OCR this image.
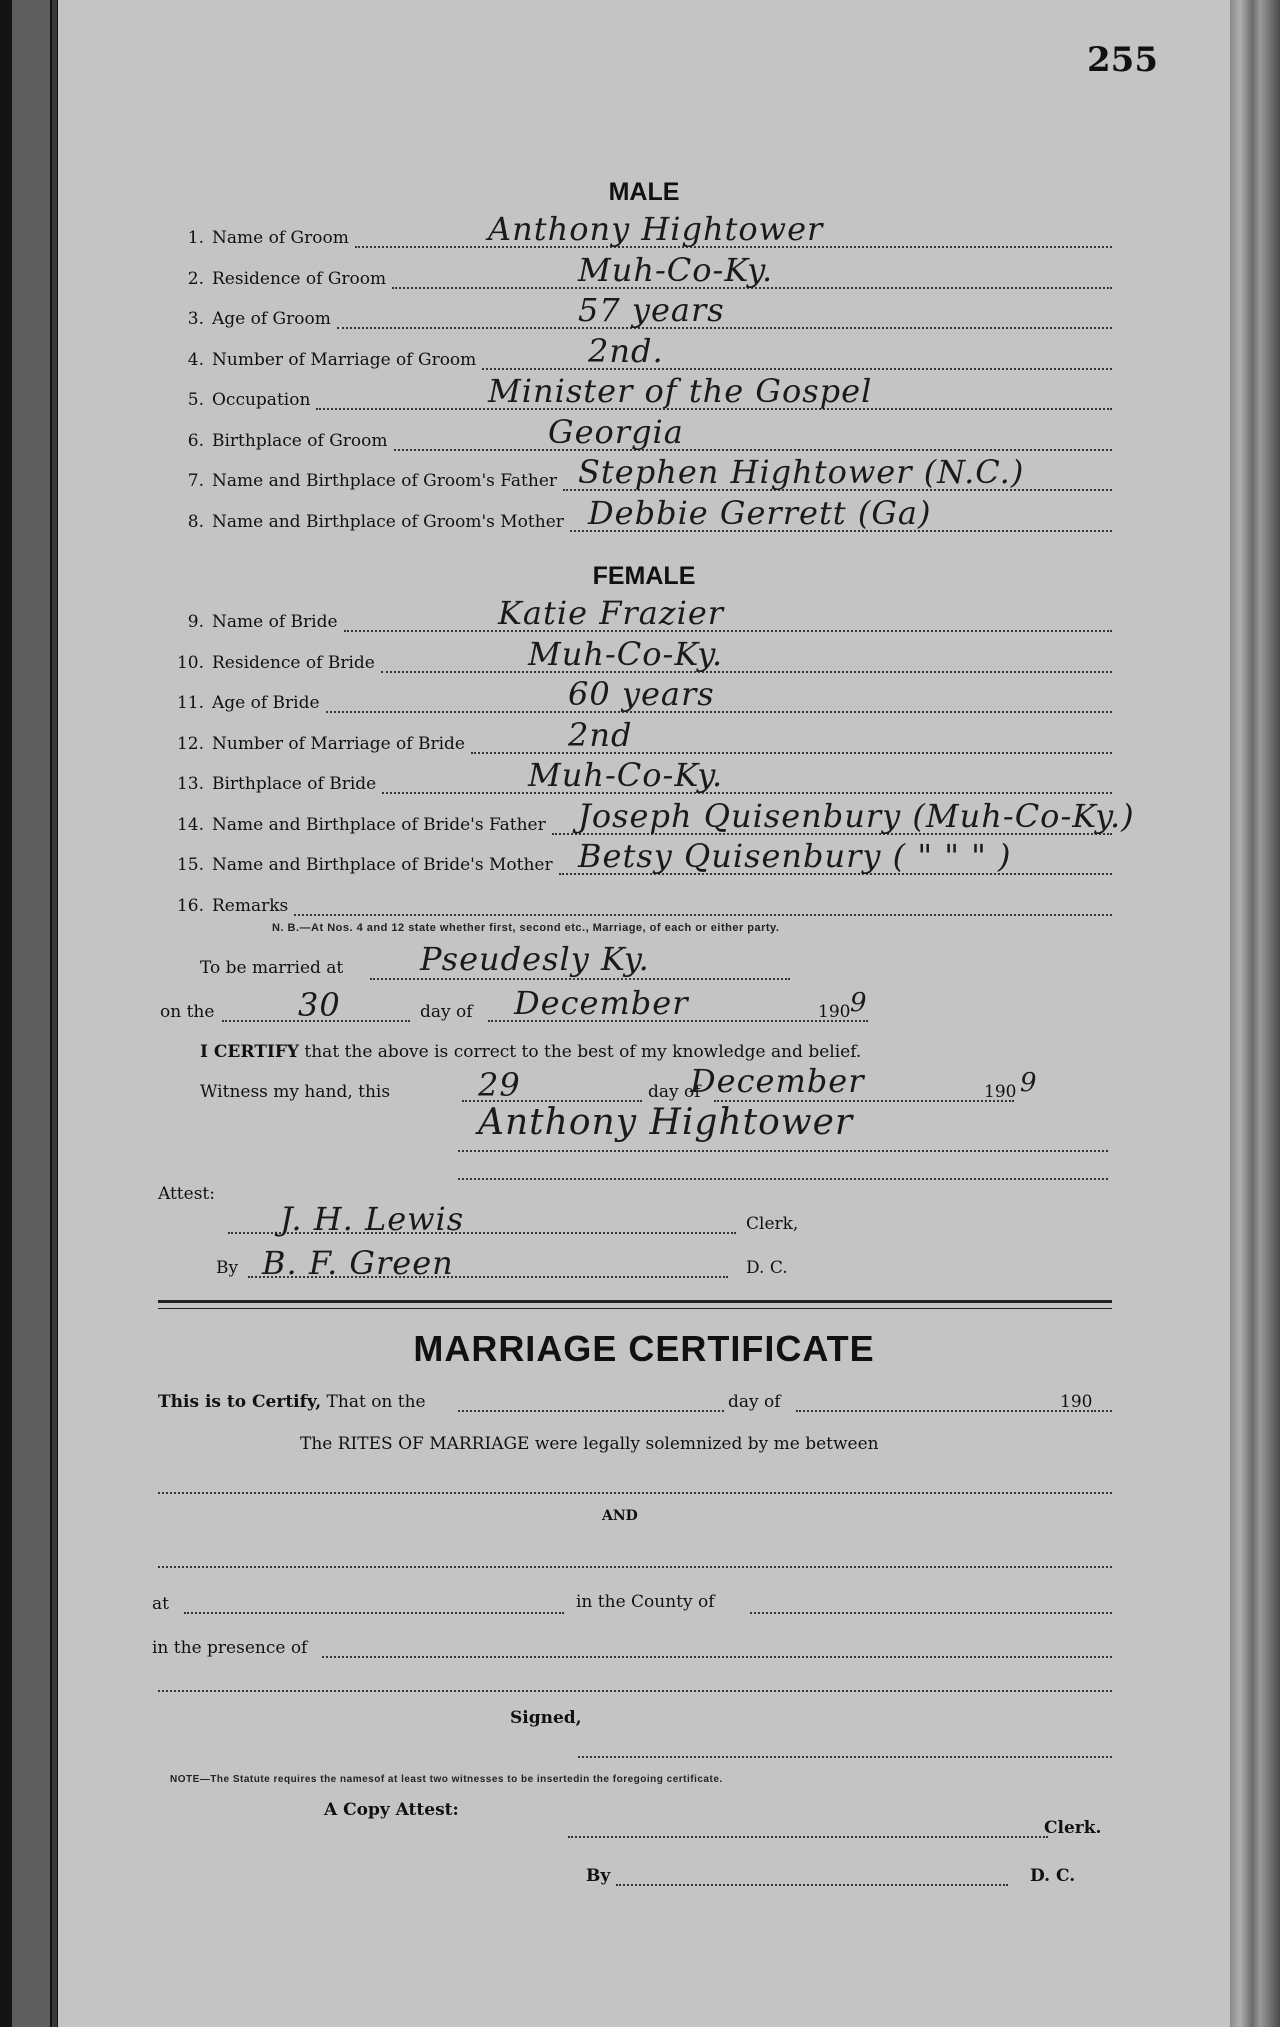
255
MALE
1. Name of Groom	Anthony Hightower
2. Residence of Groom	Muh-Co-Ky.
3. Age of Groom	57 years
4. Number of Marriage of Groom	2nd.
5. Occupation	Minister of the Gospel
6. Birthplace of Groom	Georgia
7. Name and Birthplace of Groom's Father Stephen Hightower (N.C.)
8. Name and Birthplace of Groom's Mother Debbie Gerrett (Ga)
FEMALE
9. Name of Bride	Katie Frazier
10. Residence of Bride	Muh-Co-Ky.
11. Age of Bride	60 years
12. Number of Marriage of Bride	2nd
13. Birthplace of Bride	Muh-Co-Ky.
14. Name and Birthplace of Bride's Father Joseph Quisenbury (Muh-Co-Ky.)
15. Name and Birthplace of Bride's Mother Betsy Quisenbury ( " " " )
16. Remarks
N. B.—At Nos. 4 and 12 state whether first, second etc., Marriage, of each or either party.
To be married at Pseudesly Ky.
on the	30	day of December	190 9
I CERTIFY that the above is correct to the best of my knowledge and belief.
Witness my hand, this	29	day of
December	190 9
Anthony Hightower
Attest:
J. H. Lewis	Clerk,
By B. F. Green	D. C.
MARRIAGE CERTIFICATE
This is to Certify, That on the	day of	190
The RITES OF MARRIAGE were legally solemnized by me between
AND
at	in the County of
in the presence of
Signed,
NOTE—The Statute requires the namesof at least two witnesses to be insertedin the foregoing certificate.
A Copy Attest:
Clerk.
By	D. C.
